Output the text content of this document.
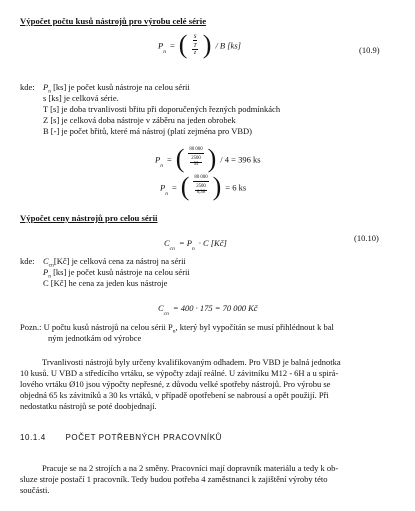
Výpočet počtu kusů nástrojů pro výrobu celé série
$P_n$ = ( $\frac{s}{\frac{T}{z}}$ ) / B [ks]	(10.9)
kde: $P_n$ [ks] je počet kusů nástroje na celou sérii
s [ks] je celková série.
T [s] je doba trvanlivosti břitu při doporučených řezných podmínkách
Z [s] je celková doba nástroje v záběru na jeden obrobek
B [-] je počet břitů, které má nástroj (platí zejména pro VBD)
$P_n$ = ( $\frac{80 000}{\frac{2500}{95}}$ ) / 4 = 396 ks
$P_n$ = ( $\frac{80 000}{\frac{2500}{0,36}}$ ) = 6 ks
Výpočet ceny nástrojů pro celou sérii
$C_{cn} = P_n \cdot C$ [Kč]	(10.10)
kde: $C_{cn}[Kč]$ je celková cena za nástroj na sérii
$P_n$ [ks] je počet kusů nástroje na celou sérii
C [Kč] he cena za jeden kus nástroje
$C_{cn} = 400 \cdot 175 = 70$ 000 Kč
Pozn.: U počtu kusů nástrojů na celou sérii $P_n$, který byl vypočítán se musí přihlédnout k bal
ným jednotkám od výrobce
Trvanlivosti nástrojů byly určeny kvalifikovaným odhadem. Pro VBD je balná jednotka
10 kusů. U VBD a středícího vrtáku, se výpočty zdají reálné. U závitníku M12 - 6H a u spirá-
lového vrtáku Ø10 jsou výpočty nepřesné, z důvodu velké spotřeby nástrojů. Pro výrobu se
objedná 65 ks závitníků a 30 ks vrtáků, v případě opotřebení se nabrousí a opět použijí. Při
nedostatku nástrojů se poté doobjednají.
10.1.4 POČET POTŘEBNÝCH PRACOVNÍKŮ
Pracuje se na 2 strojích a na 2 směny. Pracovníci mají dopravník materiálu a tedy k ob-
sluze stroje postačí 1 pracovník. Tedy budou potřeba 4 zaměstnanci k zajištění výroby této
součásti.
